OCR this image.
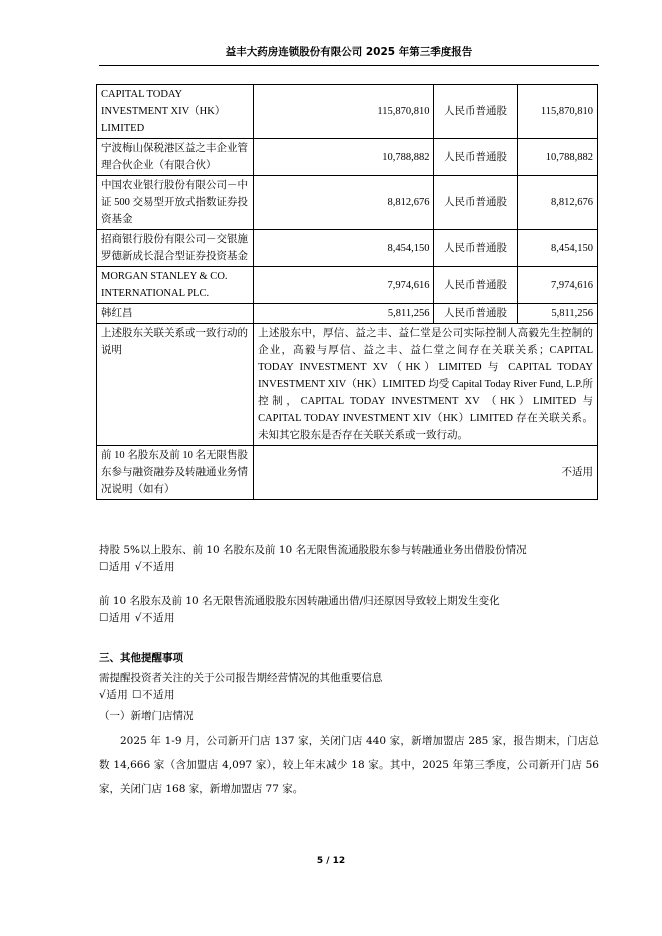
益丰大药房连锁股份有限公司 2025 年第三季度报告
CAPITAL TODAY INVESTMENT XIV（HK） LIMITED	115,870,810	人民币普通股	115,870,810
宁波梅山保税港区益之丰企业管理合伙企业（有限合伙）	10,788,882	人民币普通股	10,788,882
中国农业银行股份有限公司－中证 500 交易型开放式指数证券投资基金	8,812,676	人民币普通股	8,812,676
招商银行股份有限公司－交银施罗德新成长混合型证券投资基金	8,454,150	人民币普通股	8,454,150
MORGAN STANLEY & CO. INTERNATIONAL PLC.	7,974,616	人民币普通股	7,974,616
韩红昌	5,811,256	人民币普通股	5,811,256
上述股东关联关系或一致行动的说明	上述股东中，厚信、益之丰、益仁堂是公司实际控制人高毅先生控制的企业，高毅与厚信、益之丰、益仁堂之间存在关联关系；CAPITAL TODAY INVESTMENT XV（HK）LIMITED 与 CAPITAL TODAY INVESTMENT XIV（HK）LIMITED 均受 Capital Today River Fund, L.P.所控制，CAPITAL TODAY INVESTMENT XV （HK）LIMITED 与 CAPITAL TODAY INVESTMENT XIV（HK）LIMITED 存在关联关系。未知其它股东是否存在关联关系或一致行动。		
前 10 名股东及前 10 名无限售股东参与融资融券及转融通业务情况说明（如有）	不适用		
持股 5%以上股东、前 10 名股东及前 10 名无限售流通股股东参与转融通业务出借股份情况
☐适用 √不适用
前 10 名股东及前 10 名无限售流通股股东因转融通出借/归还原因导致较上期发生变化
☐适用 √不适用
三、其他提醒事项
需提醒投资者关注的关于公司报告期经营情况的其他重要信息
√适用 ☐不适用
（一）新增门店情况
2025 年 1-9 月，公司新开门店 137 家，关闭门店 440 家，新增加盟店 285 家，报告期末，门店总数 14,666 家（含加盟店 4,097 家），较上年末减少 18 家。其中，2025 年第三季度，公司新开门店 56 家，关闭门店 168 家，新增加盟店 77 家。
5 / 12
